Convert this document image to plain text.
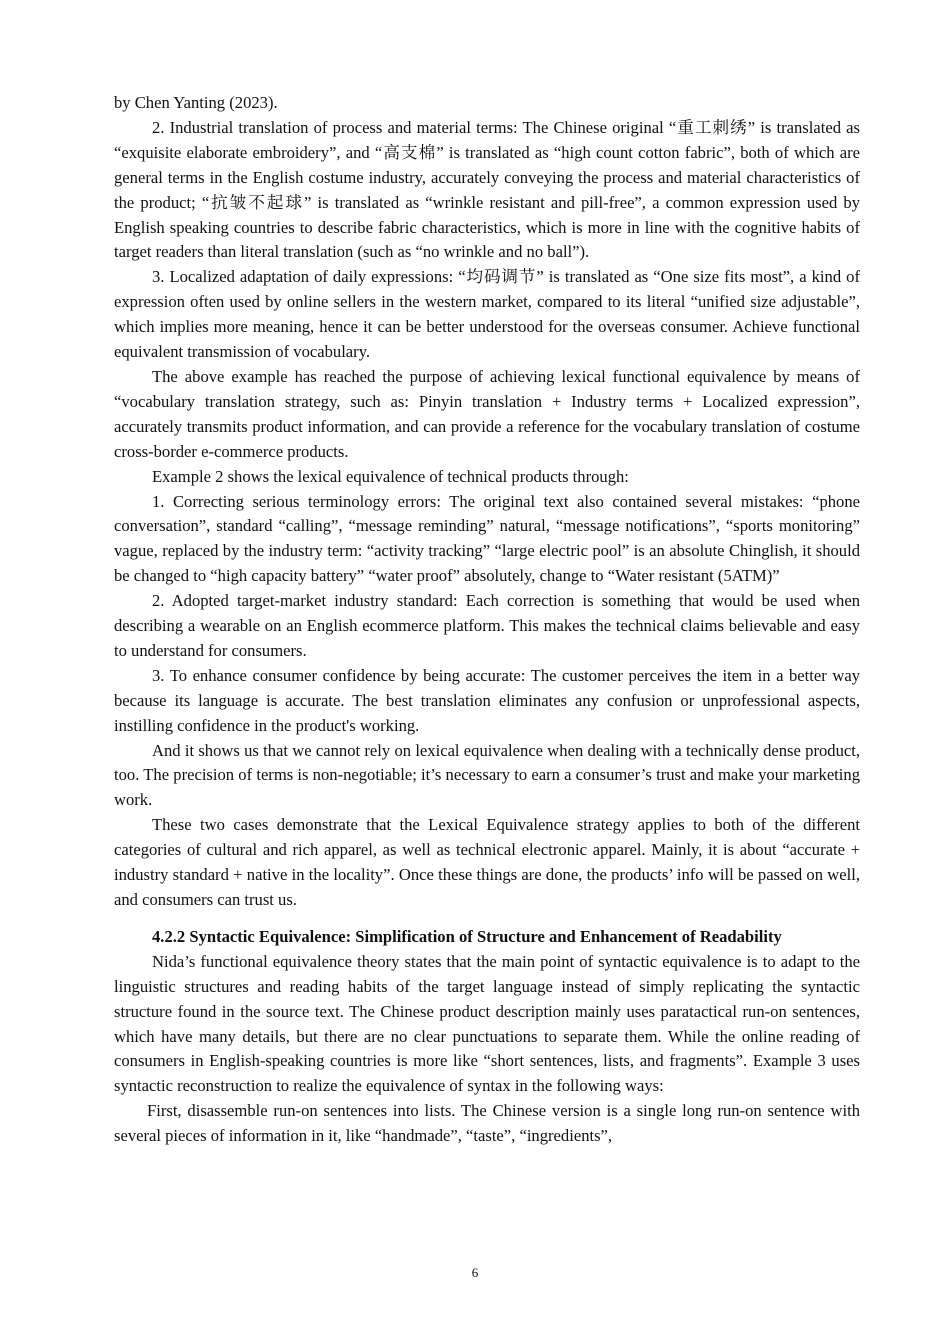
by Chen Yanting (2023).

2. Industrial translation of process and material terms: The Chinese original “重工刺绣” is translated as “exquisite elaborate embroidery”, and “高支棉” is translated as “high count cotton fabric”, both of which are general terms in the English costume industry, accurately conveying the process and material characteristics of the product; “抗皱不起球” is translated as “wrinkle resistant and pill-free”, a common expression used by English speaking countries to describe fabric characteristics, which is more in line with the cognitive habits of target readers than literal translation (such as “no wrinkle and no ball”).

3. Localized adaptation of daily expressions: “均码调节” is translated as “One size fits most”, a kind of expression often used by online sellers in the western market, compared to its literal “unified size adjustable”, which implies more meaning, hence it can be better understood for the overseas consumer. Achieve functional equivalent transmission of vocabulary.

The above example has reached the purpose of achieving lexical functional equivalence by means of “vocabulary translation strategy, such as: Pinyin translation + Industry terms + Localized expression”, accurately transmits product information, and can provide a reference for the vocabulary translation of costume cross-border e-commerce products.

Example 2 shows the lexical equivalence of technical products through:

1. Correcting serious terminology errors: The original text also contained several mistakes: “phone conversation”, standard “calling”, “message reminding” natural, “message notifications”, “sports monitoring” vague, replaced by the industry term: “activity tracking” “large electric pool” is an absolute Chinglish, it should be changed to “high capacity battery” “water proof” absolutely, change to “Water resistant (5ATM)”

2. Adopted target-market industry standard: Each correction is something that would be used when describing a wearable on an English ecommerce platform. This makes the technical claims believable and easy to understand for consumers.

3. To enhance consumer confidence by being accurate: The customer perceives the item in a better way because its language is accurate. The best translation eliminates any confusion or unprofessional aspects, instilling confidence in the product's working.

And it shows us that we cannot rely on lexical equivalence when dealing with a technically dense product, too. The precision of terms is non-negotiable; it’s necessary to earn a consumer’s trust and make your marketing work.

These two cases demonstrate that the Lexical Equivalence strategy applies to both of the different categories of cultural and rich apparel, as well as technical electronic apparel. Mainly, it is about “accurate + industry standard + native in the locality”. Once these things are done, the products’ info will be passed on well, and consumers can trust us.

4.2.2 Syntactic Equivalence: Simplification of Structure and Enhancement of Readability

Nida’s functional equivalence theory states that the main point of syntactic equivalence is to adapt to the linguistic structures and reading habits of the target language instead of simply replicating the syntactic structure found in the source text. The Chinese product description mainly uses paratactical run-on sentences, which have many details, but there are no clear punctuations to separate them. While the online reading of consumers in English-speaking countries is more like “short sentences, lists, and fragments”. Example 3 uses syntactic reconstruction to realize the equivalence of syntax in the following ways:

First, disassemble run-on sentences into lists. The Chinese version is a single long run-on sentence with several pieces of information in it, like “handmade”, “taste”, “ingredients”,

6
